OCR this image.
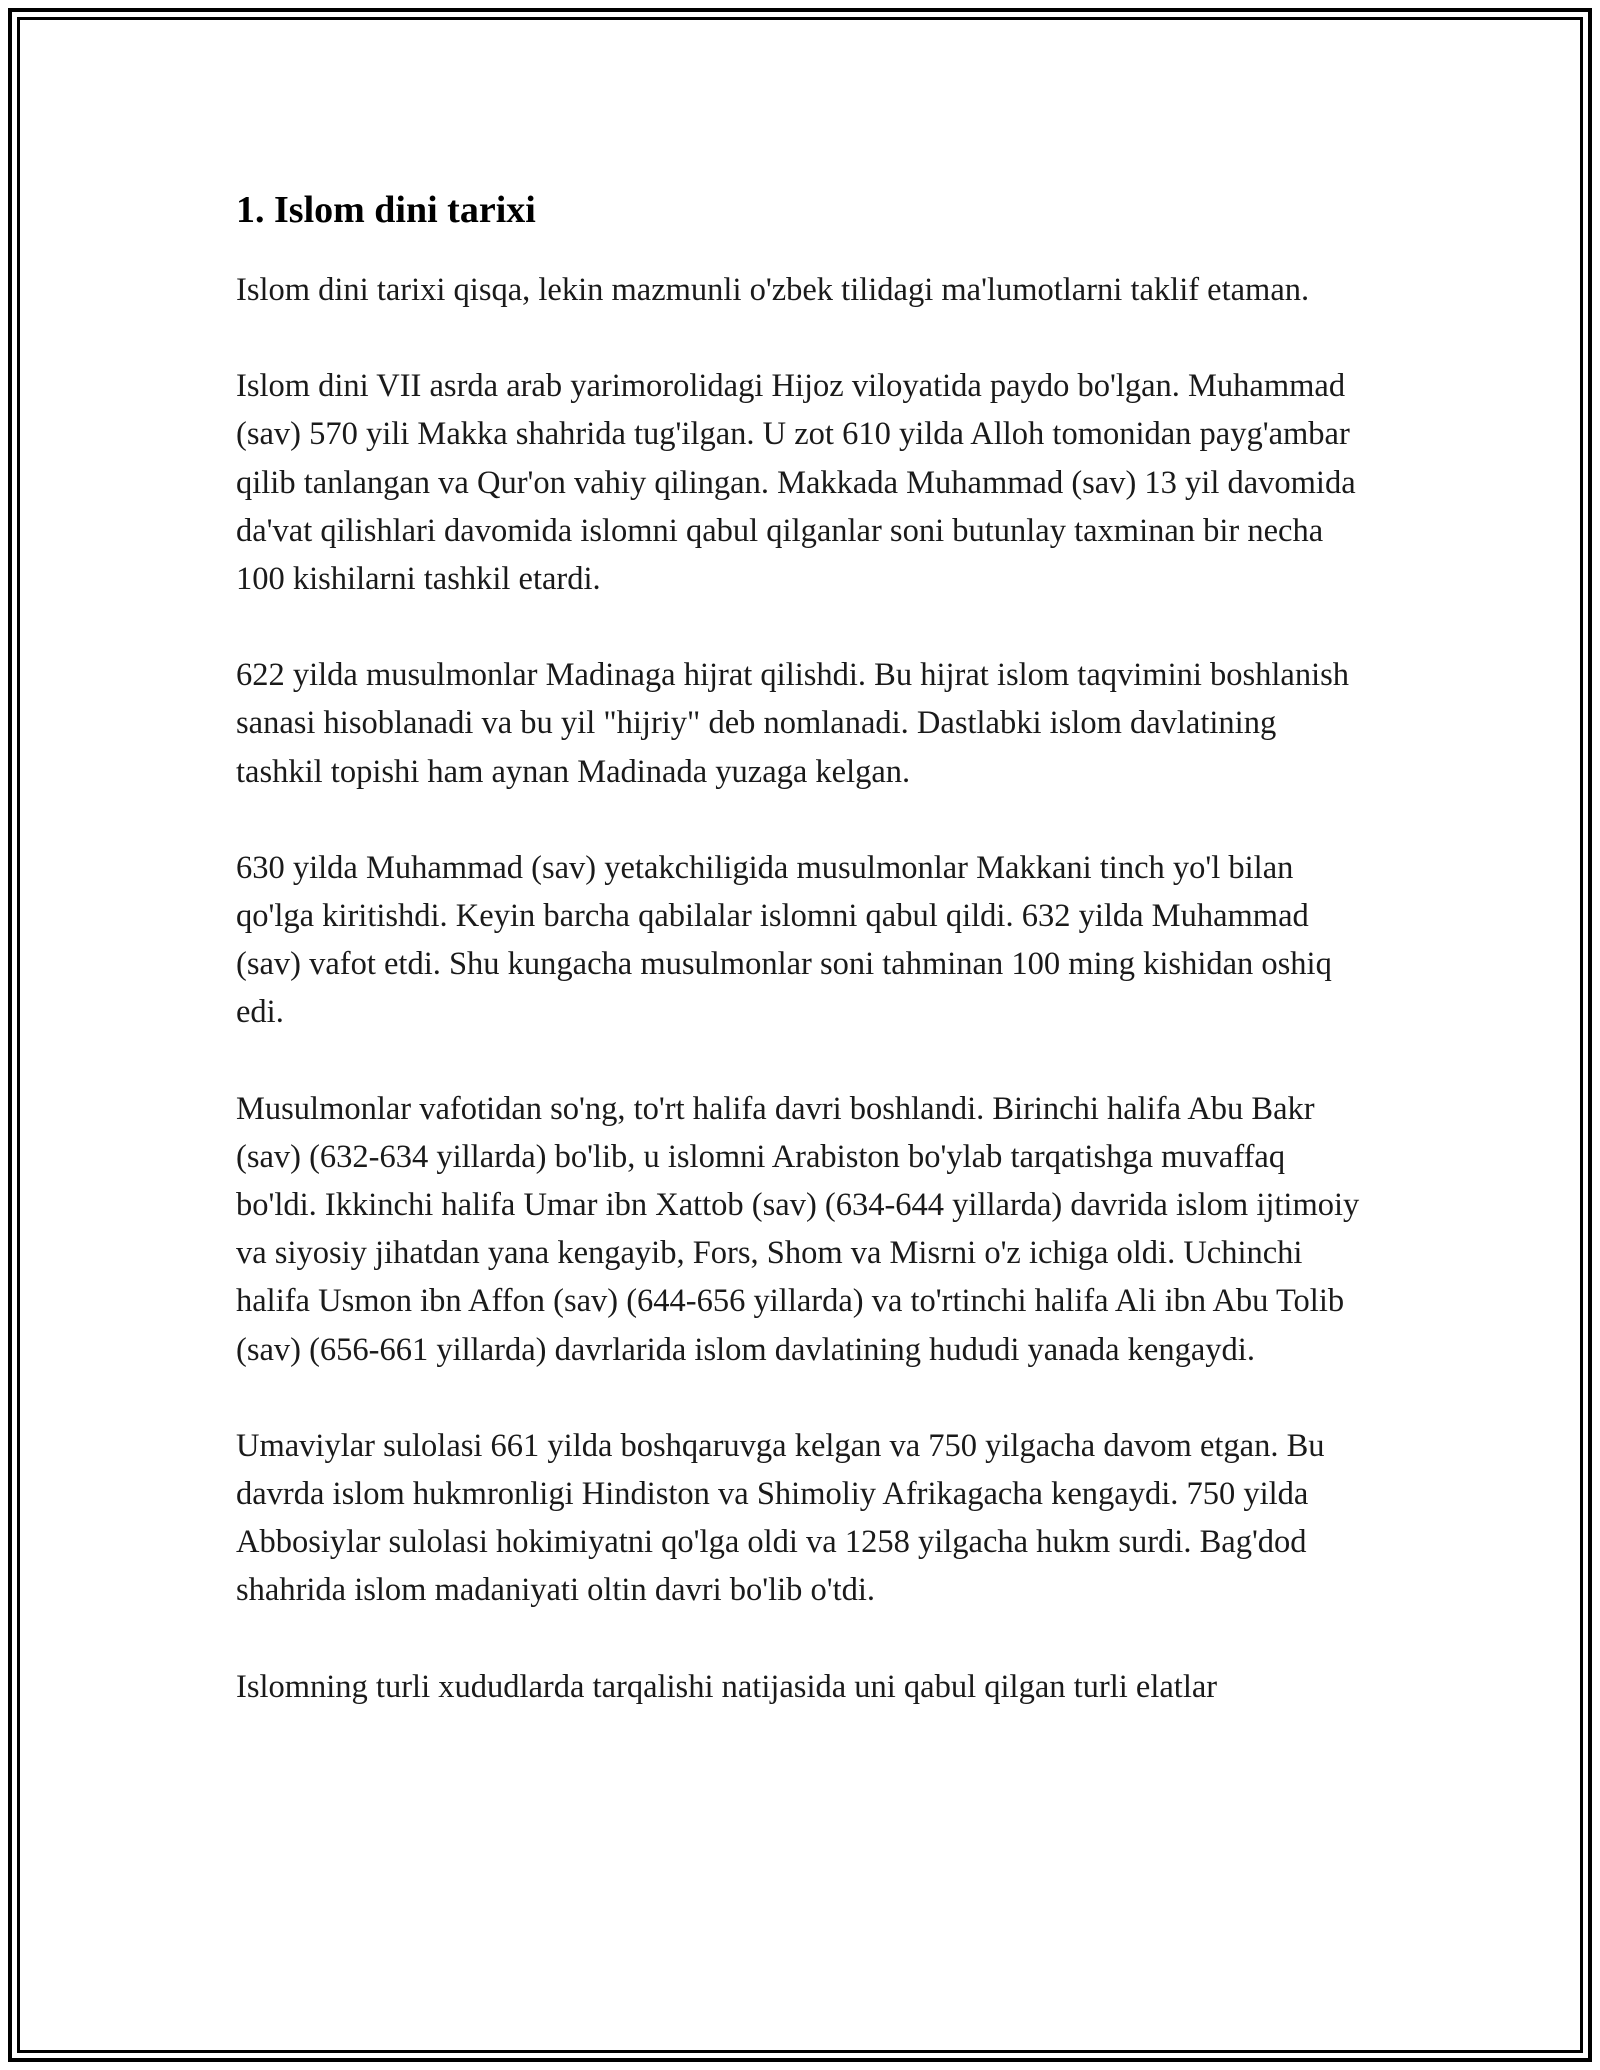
1. Islom dini tarixi

Islom dini tarixi qisqa, lekin mazmunli o'zbek tilidagi ma'lumotlarni taklif etaman.

Islom dini VII asrda arab yarimorolidagi Hijoz viloyatida paydo bo'lgan. Muhammad (sav) 570 yili Makka shahrida tug'ilgan. U zot 610 yilda Alloh tomonidan payg'ambar qilib tanlangan va Qur'on vahiy qilingan. Makkada Muhammad (sav) 13 yil davomida da'vat qilishlari davomida islomni qabul qilganlar soni butunlay taxminan bir necha 100 kishilarni tashkil etardi.

622 yilda musulmonlar Madinaga hijrat qilishdi. Bu hijrat islom taqvimini boshlanish sanasi hisoblanadi va bu yil "hijriy" deb nomlanadi. Dastlabki islom davlatining tashkil topishi ham aynan Madinada yuzaga kelgan.

630 yilda Muhammad (sav) yetakchiligida musulmonlar Makkani tinch yo'l bilan qo'lga kiritishdi. Keyin barcha qabilalar islomni qabul qildi. 632 yilda Muhammad (sav) vafot etdi. Shu kungacha musulmonlar soni tahminan 100 ming kishidan oshiq edi.

Musulmonlar vafotidan so'ng, to'rt halifa davri boshlandi. Birinchi halifa Abu Bakr (sav) (632-634 yillarda) bo'lib, u islomni Arabiston bo'ylab tarqatishga muvaffaq bo'ldi. Ikkinchi halifa Umar ibn Xattob (sav) (634-644 yillarda) davrida islom ijtimoiy va siyosiy jihatdan yana kengayib, Fors, Shom va Misrni o'z ichiga oldi. Uchinchi halifa Usmon ibn Affon (sav) (644-656 yillarda) va to'rtinchi halifa Ali ibn Abu Tolib (sav) (656-661 yillarda) davrlarida islom davlatining hududi yanada kengaydi.

Umaviylar sulolasi 661 yilda boshqaruvga kelgan va 750 yilgacha davom etgan. Bu davrda islom hukmronligi Hindiston va Shimoliy Afrikagacha kengaydi. 750 yilda Abbosiylar sulolasi hokimiyatni qo'lga oldi va 1258 yilgacha hukm surdi. Bag'dod shahrida islom madaniyati oltin davri bo'lib o'tdi.

Islomning turli xududlarda tarqalishi natijasida uni qabul qilgan turli elatlar
